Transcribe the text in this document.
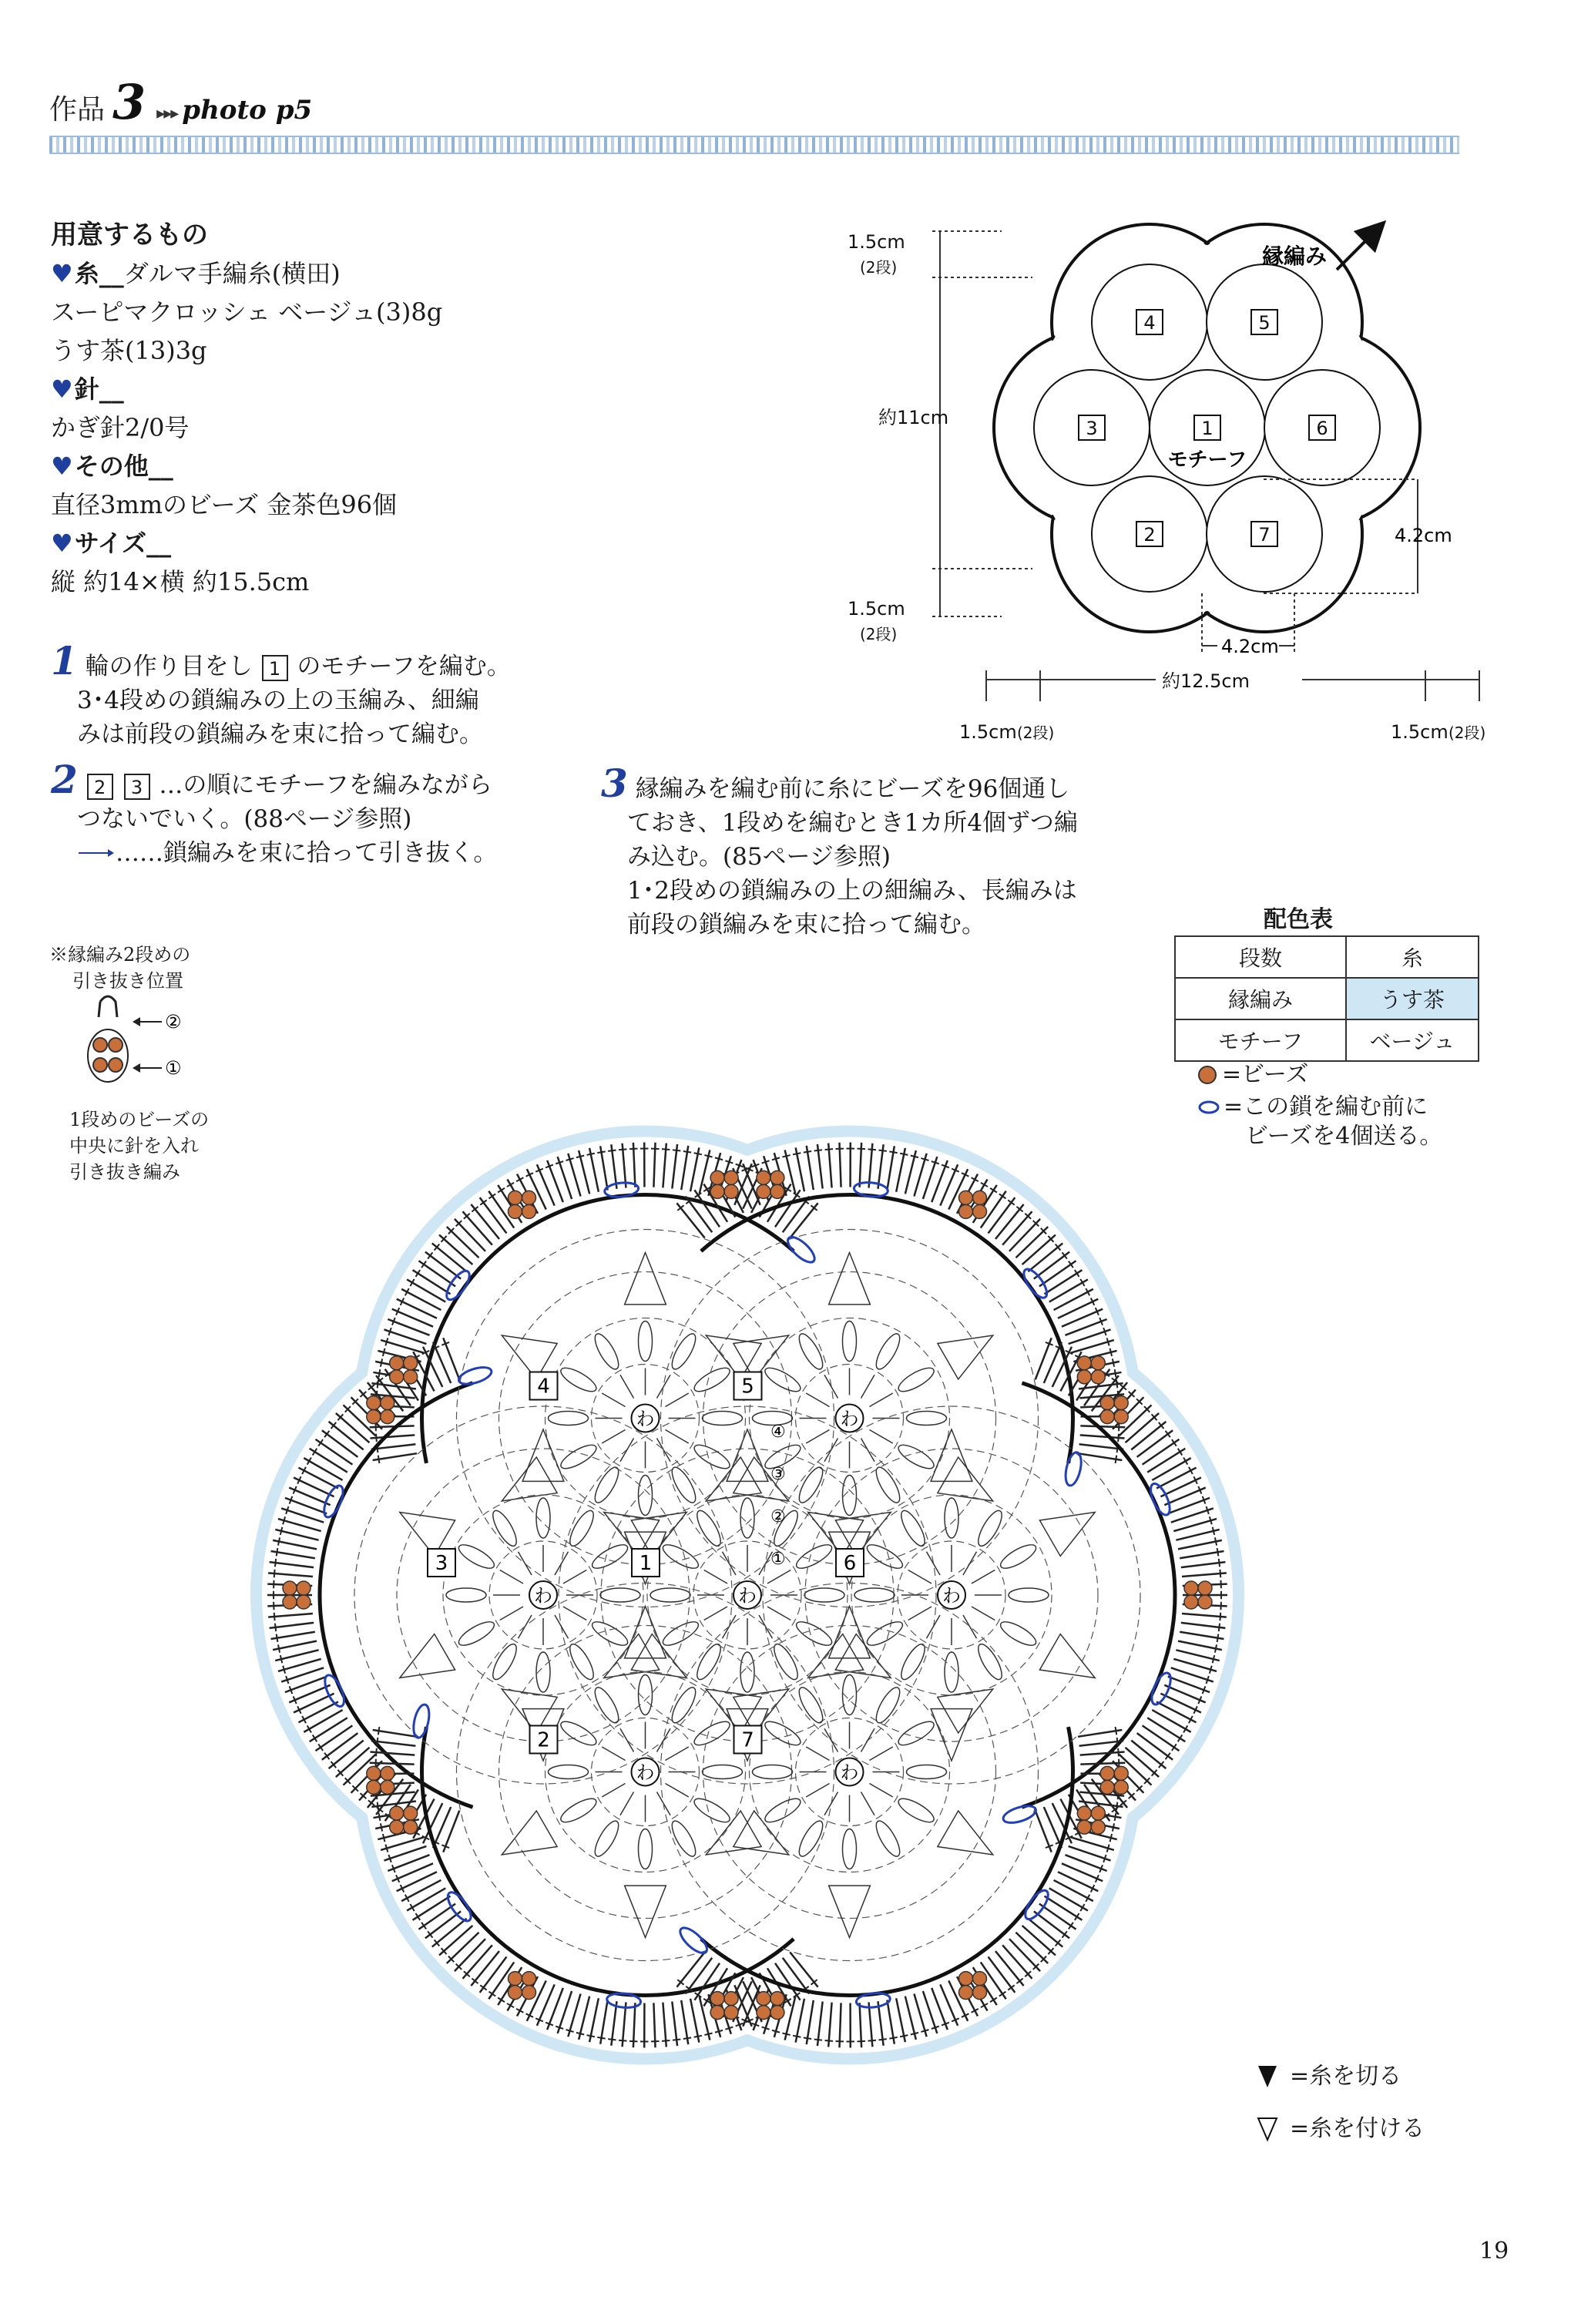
作品 3 ▸▸▸ photo p5
用意するもの
♥糸__ダルマ手編糸(横田)
スーピマクロッシェ ベージュ(3)8g
うす茶(13)3g
♥針__
かぎ針2/0号
♥その他__
直径3mmのビーズ 金茶色96個
♥サイズ__
縦 約14×横 約15.5cm
1 輪の作り目をし 1 のモチーフを編む。
3･4段めの鎖編みの上の玉編み、細編
みは前段の鎖編みを束に拾って編む。
2 2 3 …の順にモチーフを編みながら
つないでいく。(88ページ参照)
……鎖編みを束に拾って引き抜く。
3 縁編みを編む前に糸にビーズを96個通し
ておき、1段めを編むとき1カ所4個ずつ編
み込む。(85ページ参照)
1･2段めの鎖編みの上の細編み、長編みは
前段の鎖編みを束に拾って編む。
4	5
3	1	6
2	7
モチーフ
縁編み
1.5cm
(2段)
約11cm
1.5cm
(2段)
4.2cm
4.2cm
約12.5cm
1.5cm (2段)	1.5cm (2段)
配色表
段数	糸
縁編み	うす茶
モチーフ	ベージュ
=ビーズ
=この鎖を編む前に
ビーズを4個送る。
※縁編み2段めの
引き抜き位置
②
①
1段めのビーズの
中央に針を入れ
引き抜き編み
わ
1
わ
4
わ
5
わ
3
わ
6
わ
2
わ
7
①
②
③
④
=糸を切る
=糸を付ける
19
